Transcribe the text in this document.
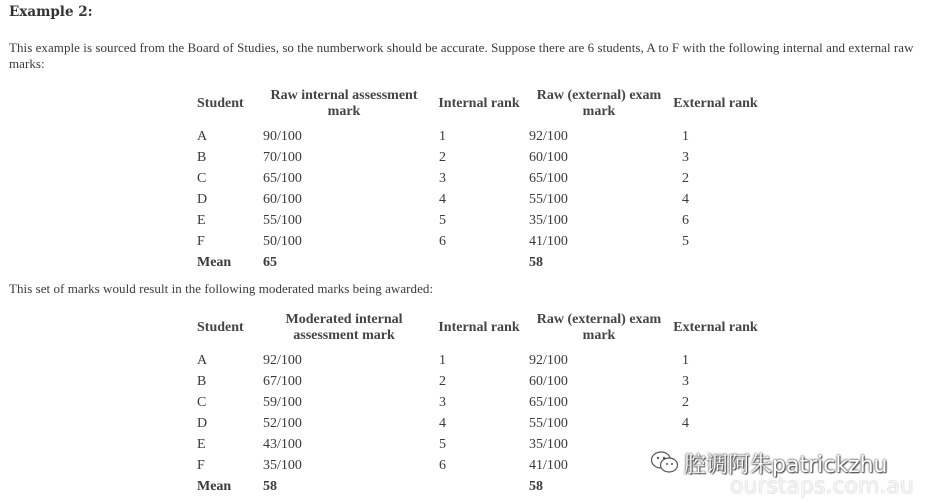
Example 2:
This example is sourced from the Board of Studies, so the numberwork should be accurate. Suppose there are 6 students, A to F with the following internal and external raw marks:
Student	Raw internal assessment mark	Internal rank	Raw (external) exam mark	External rank
A	90/100	1	92/100	1
B	70/100	2	60/100	3
C	65/100	3	65/100	2
D	60/100	4	55/100	4
E	55/100	5	35/100	6
F	50/100	6	41/100	5
Mean	65		58	
This set of marks would result in the following moderated marks being awarded:
Student	Moderated internal assessment mark	Internal rank	Raw (external) exam mark	External rank
A	92/100	1	92/100	1
B	67/100	2	60/100	3
C	59/100	3	65/100	2
D	52/100	4	55/100	4
E	43/100	5	35/100	
F	35/100	6	41/100	
Mean	58		58	
腔调阿朱patrickzhu
ourstaps.com.au
